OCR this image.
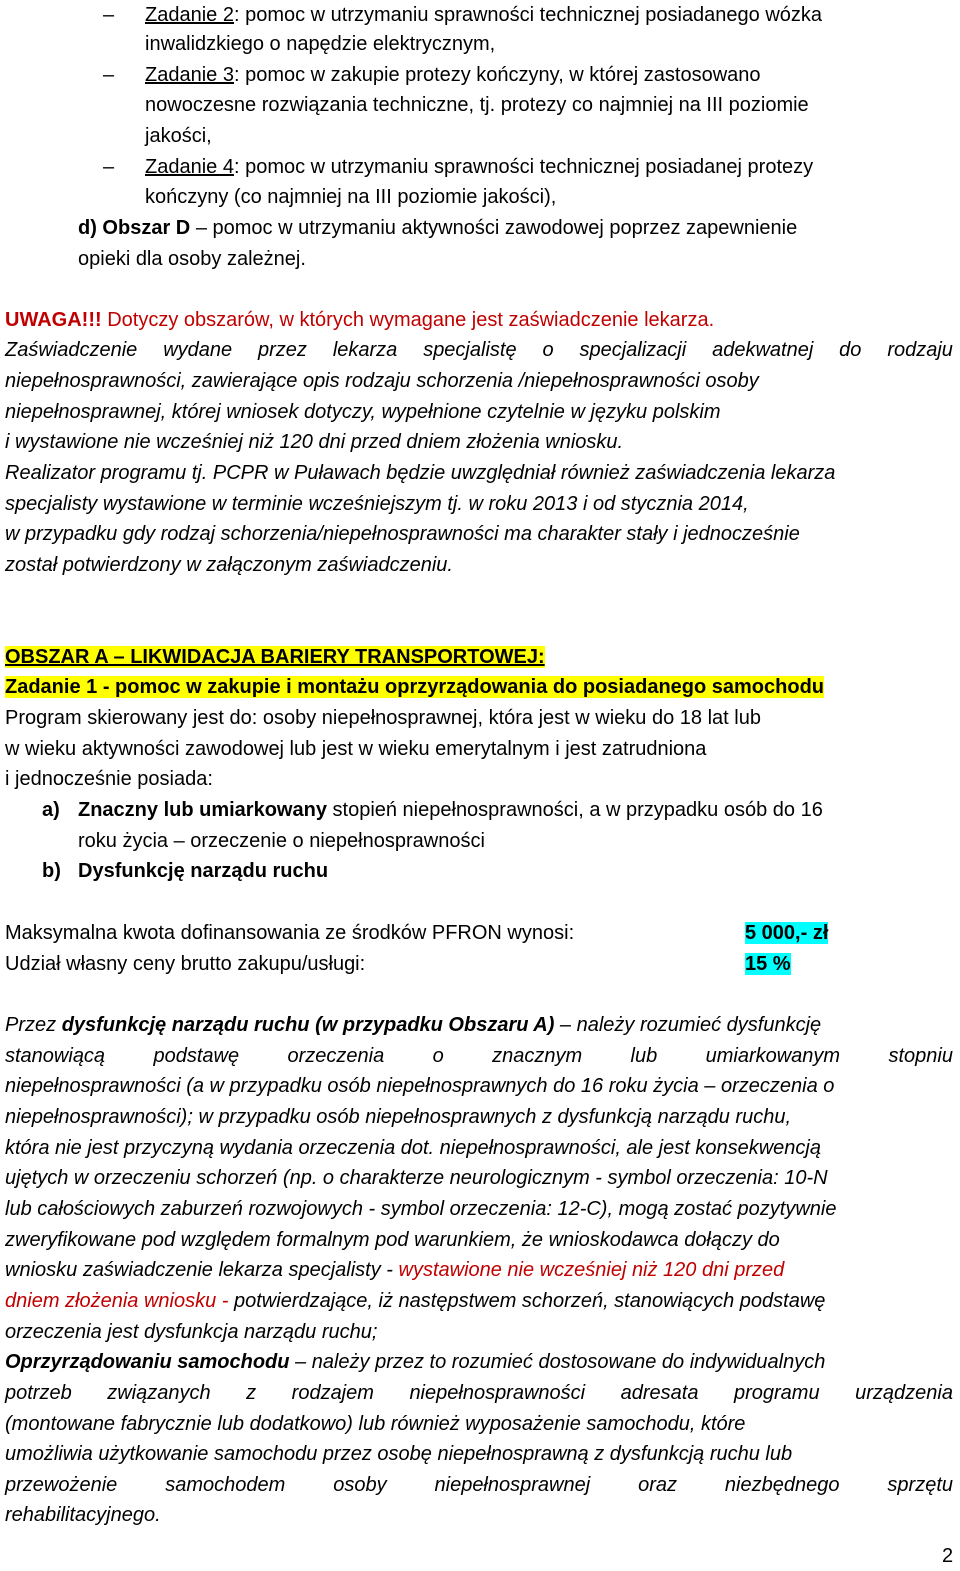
– Zadanie 2: pomoc w utrzymaniu sprawności technicznej posiadanego wózka
inwalidzkiego o napędzie elektrycznym,
– Zadanie 3: pomoc w zakupie protezy kończyny, w której zastosowano
nowoczesne rozwiązania techniczne, tj. protezy co najmniej na III poziomie
jakości,
– Zadanie 4: pomoc w utrzymaniu sprawności technicznej posiadanej protezy
kończyny (co najmniej na III poziomie jakości),
d) Obszar D – pomoc w utrzymaniu aktywności zawodowej poprzez zapewnienie
opieki dla osoby zależnej.
UWAGA!!! Dotyczy obszarów, w których wymagane jest zaświadczenie lekarza.
Zaświadczenie wydane przez lekarza specjalistę o specjalizacji adekwatnej do rodzaju
niepełnosprawności, zawierające opis rodzaju schorzenia /niepełnosprawności osoby
niepełnosprawnej, której wniosek dotyczy, wypełnione czytelnie w języku polskim
i wystawione nie wcześniej niż 120 dni przed dniem złożenia wniosku.
Realizator programu tj. PCPR w Puławach będzie uwzględniał również zaświadczenia lekarza
specjalisty wystawione w terminie wcześniejszym tj. w roku 2013 i od stycznia 2014,
w przypadku gdy rodzaj schorzenia/niepełnosprawności ma charakter stały i jednocześnie
został potwierdzony w załączonym zaświadczeniu.
OBSZAR A – LIKWIDACJA BARIERY TRANSPORTOWEJ:
Zadanie 1 - pomoc w zakupie i montażu oprzyrządowania do posiadanego samochodu
Program skierowany jest do: osoby niepełnosprawnej, która jest w wieku do 18 lat lub
w wieku aktywności zawodowej lub jest w wieku emerytalnym i jest zatrudniona
i jednocześnie posiada:
a) Znaczny lub umiarkowany stopień niepełnosprawności, a w przypadku osób do 16
roku życia – orzeczenie o niepełnosprawności
b) Dysfunkcję narządu ruchu
Maksymalna kwota dofinansowania ze środków PFRON wynosi:	5 000,- zł
Udział własny ceny brutto zakupu/usługi:	15 %
Przez dysfunkcję narządu ruchu (w przypadku Obszaru A) – należy rozumieć dysfunkcję
stanowiącą podstawę orzeczenia o znacznym lub umiarkowanym stopniu
niepełnosprawności (a w przypadku osób niepełnosprawnych do 16 roku życia – orzeczenia o
niepełnosprawności); w przypadku osób niepełnosprawnych z dysfunkcją narządu ruchu,
która nie jest przyczyną wydania orzeczenia dot. niepełnosprawności, ale jest konsekwencją
ujętych w orzeczeniu schorzeń (np. o charakterze neurologicznym - symbol orzeczenia: 10-N
lub całościowych zaburzeń rozwojowych - symbol orzeczenia: 12-C), mogą zostać pozytywnie
zweryfikowane pod względem formalnym pod warunkiem, że wnioskodawca dołączy do
wniosku zaświadczenie lekarza specjalisty - wystawione nie wcześniej niż 120 dni przed
dniem złożenia wniosku - potwierdzające, iż następstwem schorzeń, stanowiących podstawę
orzeczenia jest dysfunkcja narządu ruchu;
Oprzyrządowaniu samochodu – należy przez to rozumieć dostosowane do indywidualnych
potrzeb związanych z rodzajem niepełnosprawności adresata programu urządzenia
(montowane fabrycznie lub dodatkowo) lub również wyposażenie samochodu, które
umożliwia użytkowanie samochodu przez osobę niepełnosprawną z dysfunkcją ruchu lub
przewożenie samochodem osoby niepełnosprawnej oraz niezbędnego sprzętu
rehabilitacyjnego.
2
